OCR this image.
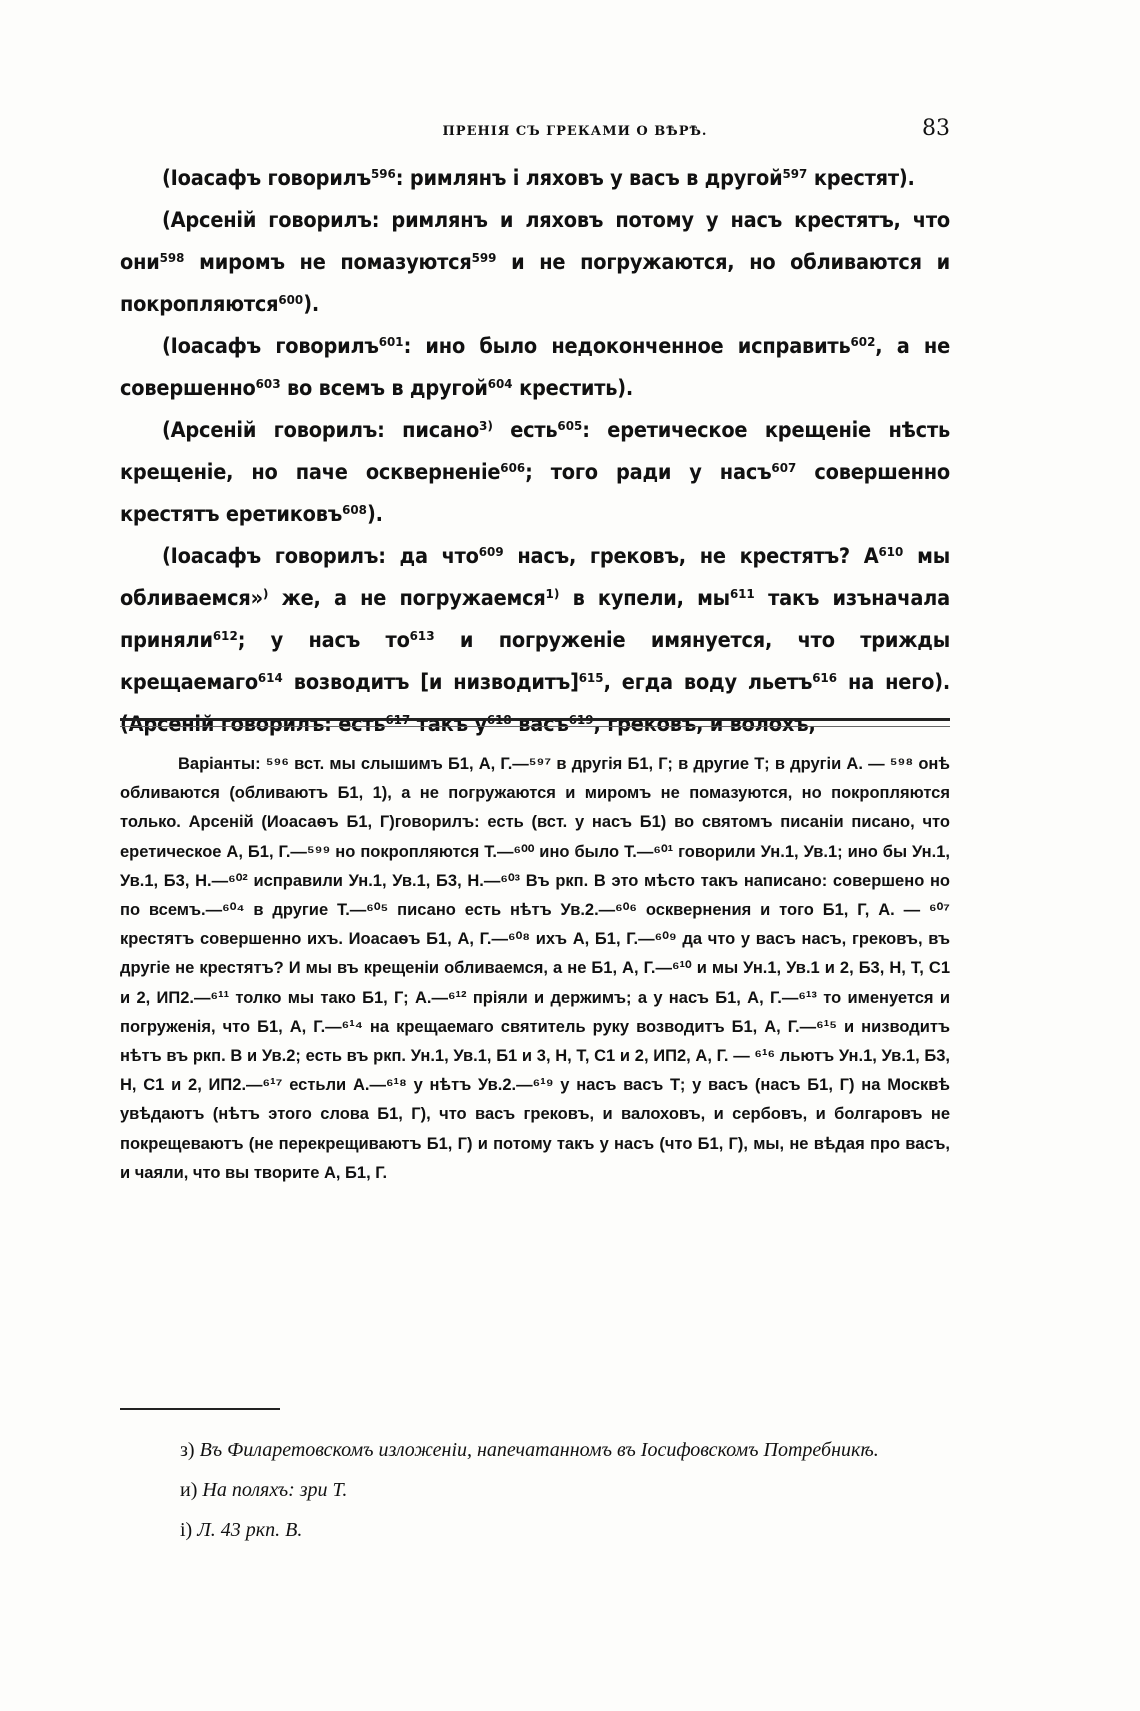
ПРЕНІЯ СЪ ГРЕКАМИ О ВѢРѢ.	83

(Іоасафъ говорилъ⁵⁹⁶: римлянъ і ляховъ у васъ в другой⁵⁹⁷ крестят).

(Арсеній говорилъ: римлянъ и ляховъ потому у насъ крестятъ, что они⁵⁹⁸ миромъ не помазуются⁵⁹⁹ и не погружаются, но обливаются и покропляются⁶⁰⁰).

(Іоасафъ говорилъ⁶⁰¹: ино было недоконченное исправить⁶⁰², а не совершенно⁶⁰³ во всемъ в другой⁶⁰⁴ крестить).

(Арсеній говорилъ: писано³⁾ есть⁶⁰⁵: еретическое крещеніе нѣсть крещеніе, но паче оскверненіе⁶⁰⁶; того ради у насъ⁶⁰⁷ совершенно крестятъ еретиковъ⁶⁰⁸).

(Іоасафъ говорилъ: да что⁶⁰⁹ насъ, грековъ, не крестятъ? А⁶¹⁰ мы обливаемся»⁾ же, а не погружаемся¹⁾ в купели, мы⁶¹¹ такъ изъначала приняли⁶¹²; у насъ то⁶¹³ и погруженіе имянуется, что трижды крещаемаго⁶¹⁴ возводитъ [и низводитъ]⁶¹⁵, егда воду льетъ⁶¹⁶ на него). (Арсеній говорилъ: есть⁶¹⁷ такъ у⁶¹⁸ васъ⁶¹⁹, грековъ, и волохъ,

Варіанты: ⁵⁹⁶ вст. мы слышимъ Б1, А, Г.—⁵⁹⁷ в другія Б1, Г; в другие Т; в другіи А. — ⁵⁹⁸ онѣ обливаются (обливаютъ Б1, 1), а не погружаются и миромъ не помазуются, но покропляются только. Арсеній (Иоасаѳъ Б1, Г)говорилъ: есть (вст. у насъ Б1) во святомъ писаніи писано, что еретическое А, Б1, Г.—⁵⁹⁹ но покропляются Т.—⁶⁰⁰ ино было Т.—⁶⁰¹ говорили Ун.1, Ув.1; ино бы Ун.1, Ув.1, Б3, Н.—⁶⁰² исправили Ун.1, Ув.1, Б3, Н.—⁶⁰³ Въ ркп. В это мѣсто такъ написано: совершено но по всемъ.—⁶⁰⁴ в другие Т.—⁶⁰⁵ писано есть нѣтъ Ув.2.—⁶⁰⁶ осквернения и того Б1, Г, А. — ⁶⁰⁷ крестятъ совершенно ихъ. Иоасаѳъ Б1, А, Г.—⁶⁰⁸ ихъ А, Б1, Г.—⁶⁰⁹ да что у васъ насъ, грековъ, въ другіе не крестятъ? И мы въ крещеніи обливаемся, а не Б1, А, Г.—⁶¹⁰ и мы Ун.1, Ув.1 и 2, Б3, Н, Т, С1 и 2, ИП2.—⁶¹¹ толко мы тако Б1, Г; А.—⁶¹² пріяли и держимъ; а у насъ Б1, А, Г.—⁶¹³ то именуется и погруженія, что Б1, А, Г.—⁶¹⁴ на крещаемаго святитель руку возводитъ Б1, А, Г.—⁶¹⁵ и низводитъ нѣтъ въ ркп. В и Ув.2; есть въ ркп. Ун.1, Ув.1, Б1 и 3, Н, Т, С1 и 2, ИП2, А, Г. — ⁶¹⁶ льютъ Ун.1, Ув.1, Б3, Н, С1 и 2, ИП2.—⁶¹⁷ естьли А.—⁶¹⁸ у нѣтъ Ув.2.—⁶¹⁹ у насъ васъ Т; у васъ (насъ Б1, Г) на Москвѣ увѣдаютъ (нѣтъ этого слова Б1, Г), что васъ грековъ, и валоховъ, и сербовъ, и болгаровъ не покрещеваютъ (не перекрещиваютъ Б1, Г) и потому такъ у насъ (что Б1, Г), мы, не вѣдая про васъ, и чаяли, что вы творите А, Б1, Г.

з) Въ Филаретовскомъ изложеніи, напечатанномъ въ Іосифовскомъ Потребникѣ.

и) На поляхъ: зри Т.

і) Л. 43 ркп. В.
